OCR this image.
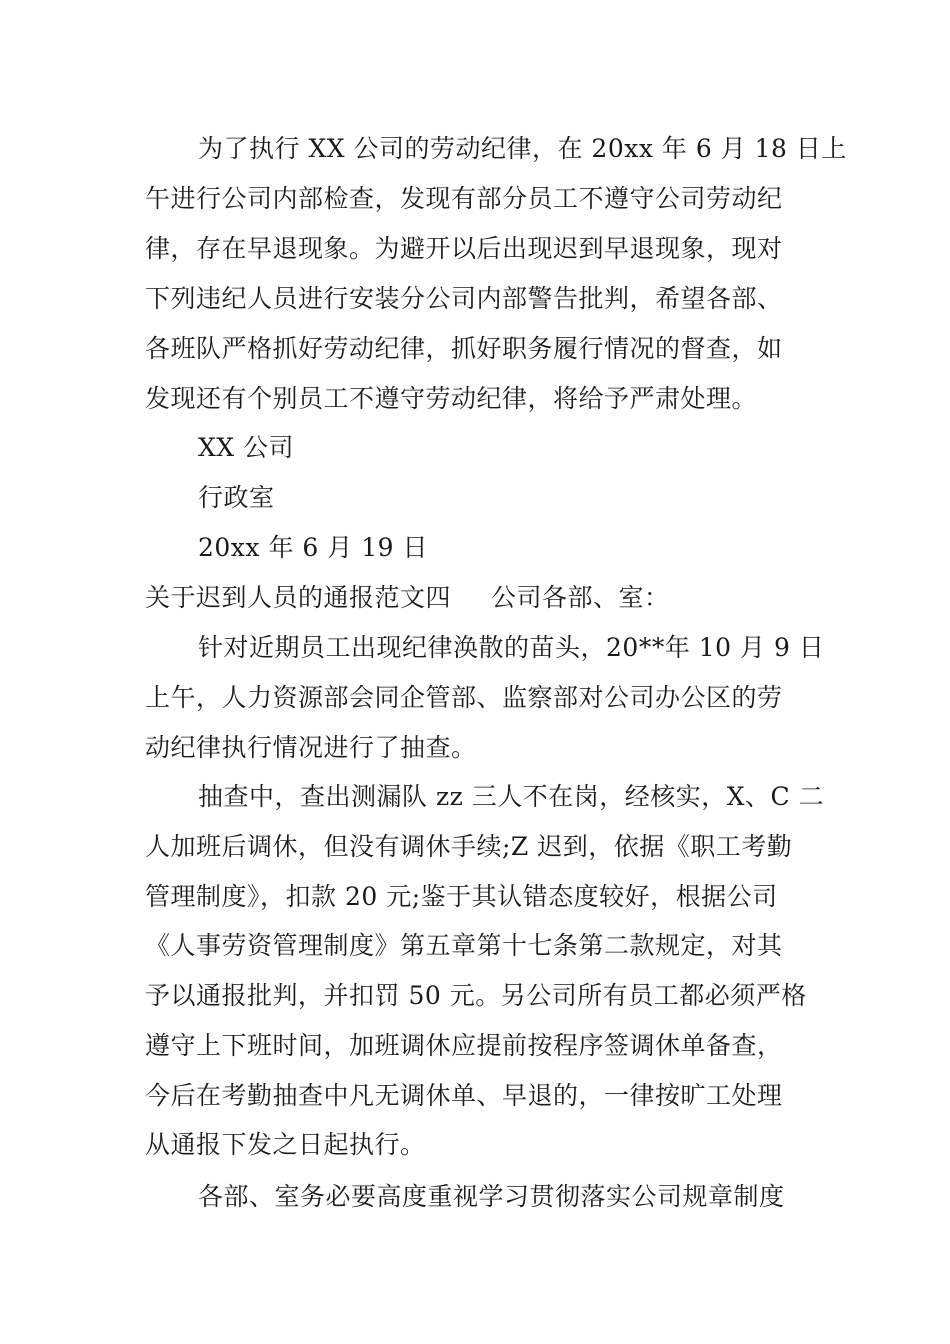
为了执行 XX 公司的劳动纪律，在 20xx 年 6 月 18 日上
午进行公司内部检查，发现有部分员工不遵守公司劳动纪
律，存在早退现象。为避开以后出现迟到早退现象，现对
下列违纪人员进行安装分公司内部警告批判，希望各部、
各班队严格抓好劳动纪律，抓好职务履行情况的督查，如
发现还有个别员工不遵守劳动纪律，将给予严肃处理。
XX 公司
行政室
20xx 年 6 月 19 日
关于迟到人员的通报范文四 公司各部、室：
针对近期员工出现纪律涣散的苗头，20**年 10 月 9 日
上午，人力资源部会同企管部、监察部对公司办公区的劳
动纪律执行情况进行了抽查。
抽查中，查出测漏队 zz 三人不在岗，经核实，X、C 二
人加班后调休，但没有调休手续;Z 迟到，依据《职工考勤
管理制度》，扣款 20 元;鉴于其认错态度较好，根据公司
《人事劳资管理制度》第五章第十七条第二款规定，对其
予以通报批判，并扣罚 50 元。另公司所有员工都必须严格
遵守上下班时间，加班调休应提前按程序签调休单备查，
今后在考勤抽查中凡无调休单、早退的，一律按旷工处理
从通报下发之日起执行。
各部、室务必要高度重视学习贯彻落实公司规章制度
